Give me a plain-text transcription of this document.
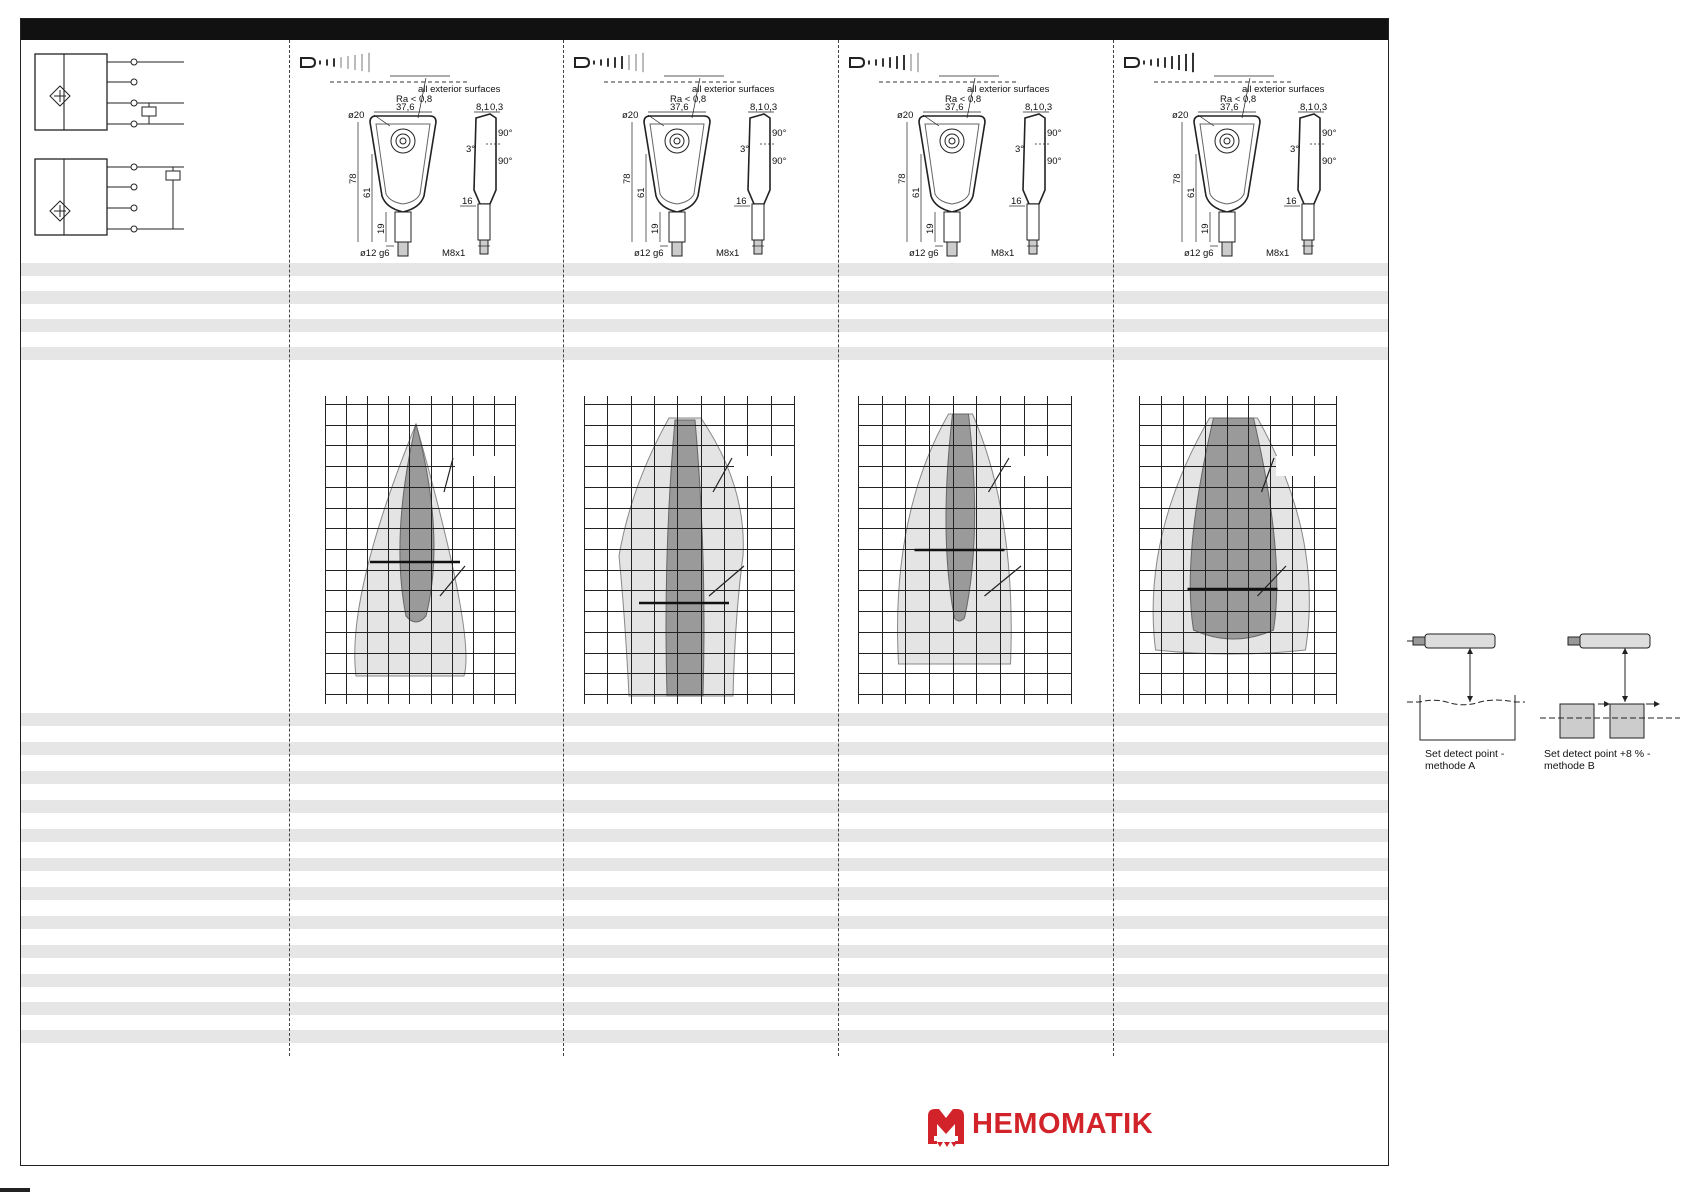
Ra < 0,8
all exterior surfaces
37,6
ø20
8,1 0,3
90°
90°
3°
78
61
19
16
ø12 g6	M8x1
Ra < 0,8
all exterior surfaces
37,6
ø20
8,1 0,3
90°
90°
3°
78
61
19
16
ø12 g6	M8x1
Ra < 0,8
all exterior surfaces
37,6
ø20
8,1 0,3
90°
90°
3°
78
61
19
16
ø12 g6	M8x1
Ra < 0,8
all exterior surfaces
37,6
ø20
8,1 0,3
90°
90°
3°
78
61
19
16
ø12 g6	M8x1
Set detect point -
methode A
Set detect point +8 % -
methode B
HEMOMATIK
